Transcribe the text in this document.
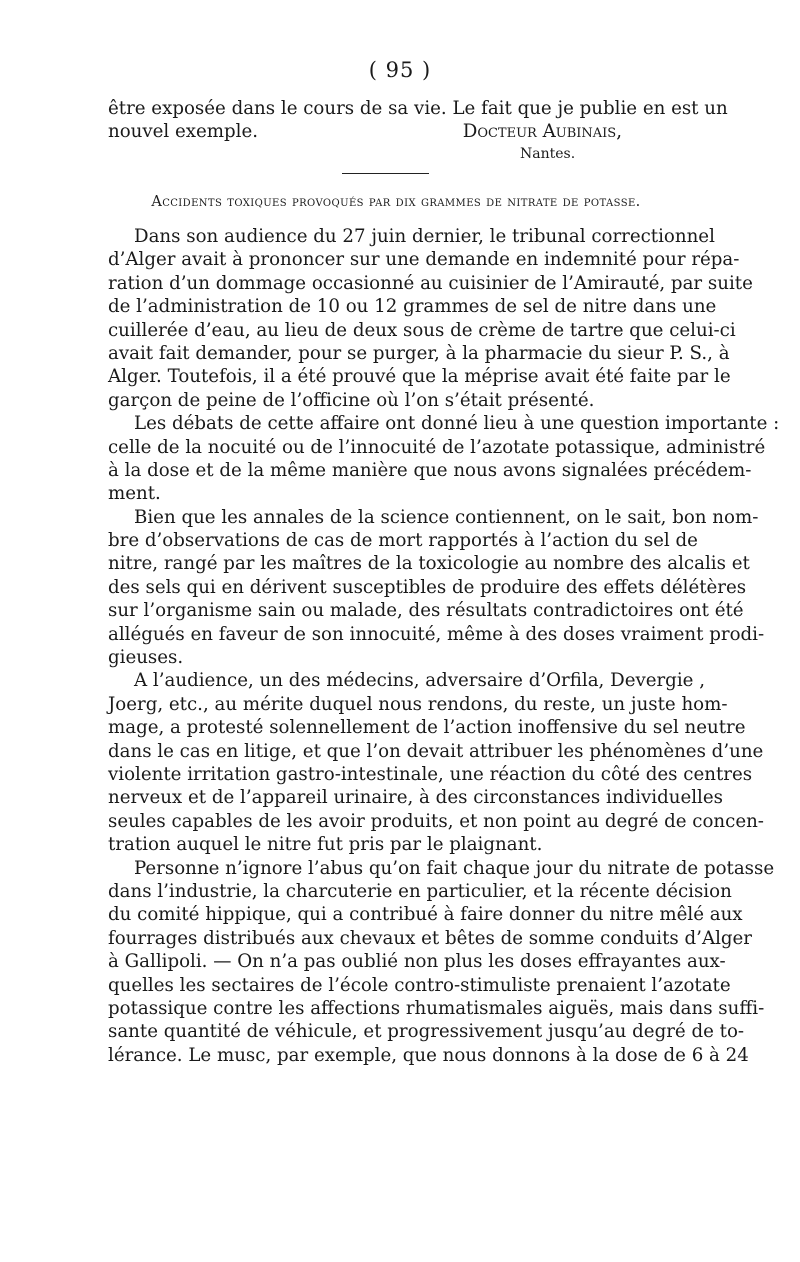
( 95 )
être exposée dans le cours de sa vie. Le fait que je publie en est un
nouvel exemple.	Docteur Aubinais,
Nantes.
Accidents toxiques provoqués par dix grammes de nitrate de potasse.
Dans son audience du 27 juin dernier, le tribunal correctionnel
d’Alger avait à prononcer sur une demande en indemnité pour répa-
ration d’un dommage occasionné au cuisinier de l’Amirauté, par suite
de l’administration de 10 ou 12 grammes de sel de nitre dans une
cuillerée d’eau, au lieu de deux sous de crème de tartre que celui-ci
avait fait demander, pour se purger, à la pharmacie du sieur P. S., à
Alger. Toutefois, il a été prouvé que la méprise avait été faite par le
garçon de peine de l’officine où l’on s’était présenté.
Les débats de cette affaire ont donné lieu à une question importante :
celle de la nocuité ou de l’innocuité de l’azotate potassique, administré
à la dose et de la même manière que nous avons signalées précédem-
ment.
Bien que les annales de la science contiennent, on le sait, bon nom-
bre d’observations de cas de mort rapportés à l’action du sel de
nitre, rangé par les maîtres de la toxicologie au nombre des alcalis et
des sels qui en dérivent susceptibles de produire des effets délétères
sur l’organisme sain ou malade, des résultats contradictoires ont été
allégués en faveur de son innocuité, même à des doses vraiment prodi-
gieuses.
A l’audience, un des médecins, adversaire d’Orfila, Devergie ,
Joerg, etc., au mérite duquel nous rendons, du reste, un juste hom-
mage, a protesté solennellement de l’action inoffensive du sel neutre
dans le cas en litige, et que l’on devait attribuer les phénomènes d’une
violente irritation gastro-intestinale, une réaction du côté des centres
nerveux et de l’appareil urinaire, à des circonstances individuelles
seules capables de les avoir produits, et non point au degré de concen-
tration auquel le nitre fut pris par le plaignant.
Personne n’ignore l’abus qu’on fait chaque jour du nitrate de potasse
dans l’industrie, la charcuterie en particulier, et la récente décision
du comité hippique, qui a contribué à faire donner du nitre mêlé aux
fourrages distribués aux chevaux et bêtes de somme conduits d’Alger
à Gallipoli. — On n’a pas oublié non plus les doses effrayantes aux-
quelles les sectaires de l’école contro-stimuliste prenaient l’azotate
potassique contre les affections rhumatismales aiguës, mais dans suffi-
sante quantité de véhicule, et progressivement jusqu’au degré de to-
lérance. Le musc, par exemple, que nous donnons à la dose de 6 à 24
